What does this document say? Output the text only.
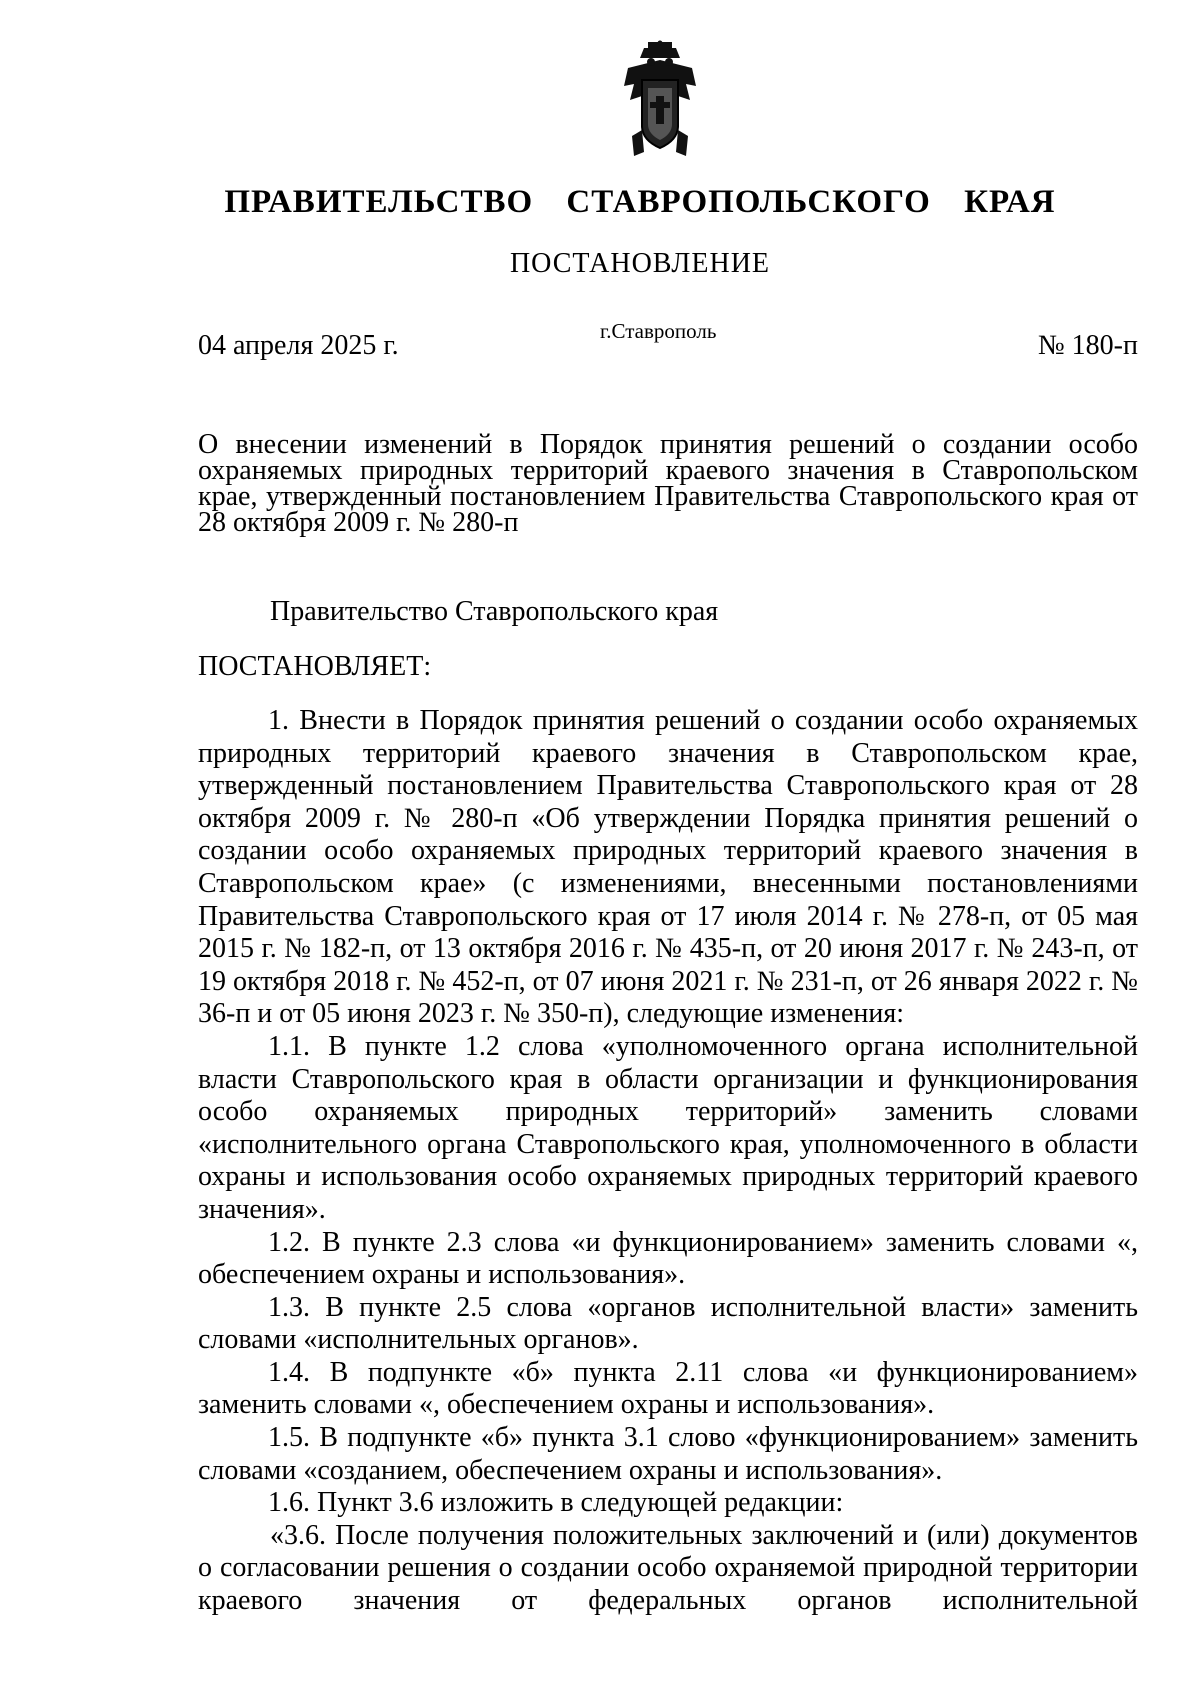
ПРАВИТЕЛЬСТВО СТАВРОПОЛЬСКОГО КРАЯ
ПОСТАНОВЛЕНИЕ
04 апреля 2025 г.	г.Ставрополь	№ 180-п
О внесении изменений в Порядок принятия решений о создании особо охраняемых природных территорий краевого значения в Ставропольском крае, утвержденный постановлением Правительства Ставропольского края от 28 октября 2009 г. № 280-п
Правительство Ставропольского края
ПОСТАНОВЛЯЕТ:

1. Внести в Порядок принятия решений о создании особо охраняемых природных территорий краевого значения в Ставропольском крае, утвержденный постановлением Правительства Ставропольского края от 28 октября 2009 г. № 280-п «Об утверждении Порядка принятия решений о создании особо охраняемых природных территорий краевого значения в Ставропольском крае» (с изменениями, внесенными постановлениями Правительства Ставропольского края от 17 июля 2014 г. № 278-п, от 05 мая 2015 г. № 182-п, от 13 октября 2016 г. № 435-п, от 20 июня 2017 г. № 243-п, от 19 октября 2018 г. № 452-п, от 07 июня 2021 г. № 231-п, от 26 января 2022 г. № 36-п и от 05 июня 2023 г. № 350-п), следующие изменения:

1.1. В пункте 1.2 слова «уполномоченного органа исполнительной власти Ставропольского края в области организации и функционирования особо охраняемых природных территорий» заменить словами «исполнительного органа Ставропольского края, уполномоченного в области охраны и использования особо охраняемых природных территорий краевого значения».

1.2. В пункте 2.3 слова «и функционированием» заменить словами «, обеспечением охраны и использования».

1.3. В пункте 2.5 слова «органов исполнительной власти» заменить словами «исполнительных органов».

1.4. В подпункте «б» пункта 2.11 слова «и функционированием» заменить словами «, обеспечением охраны и использования».

1.5. В подпункте «б» пункта 3.1 слово «функционированием» заменить словами «созданием, обеспечением охраны и использования».

1.6. Пункт 3.6 изложить в следующей редакции:

«3.6. После получения положительных заключений и (или) документов о согласовании решения о создании особо охраняемой природной территории краевого значения от федеральных органов исполнительной
